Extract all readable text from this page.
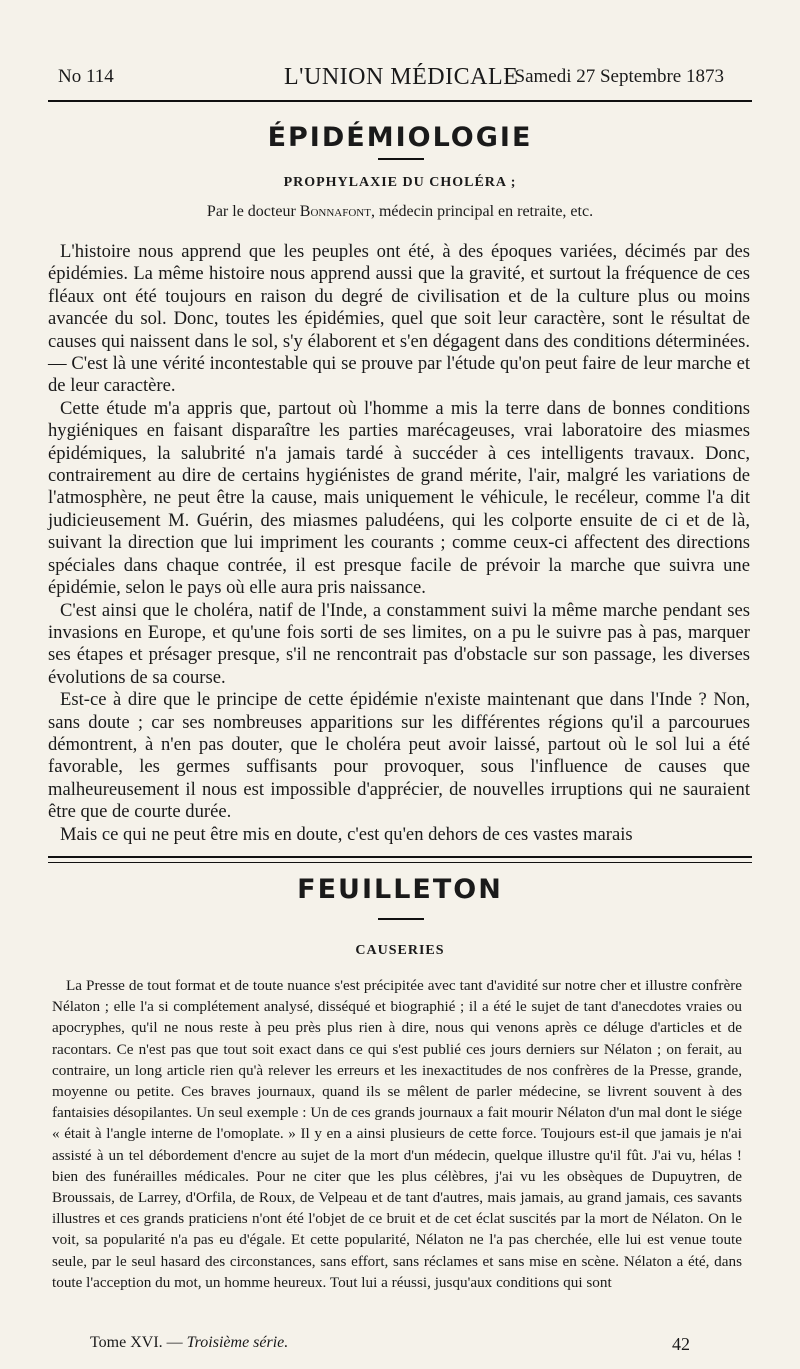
No 114	L'UNION MÉDICALE
Samedi 27 Septembre 1873
ÉPIDÉMIOLOGIE
PROPHYLAXIE DU CHOLÉRA ;
Par le docteur Bonnafont, médecin principal en retraite, etc.

L'histoire nous apprend que les peuples ont été, à des époques variées, décimés par des épidémies. La même histoire nous apprend aussi que la gravité, et surtout la fréquence de ces fléaux ont été toujours en raison du degré de civilisation et de la culture plus ou moins avancée du sol. Donc, toutes les épidémies, quel que soit leur caractère, sont le résultat de causes qui naissent dans le sol, s'y élaborent et s'en dégagent dans des conditions déterminées. — C'est là une vérité incontestable qui se prouve par l'étude qu'on peut faire de leur marche et de leur caractère.

Cette étude m'a appris que, partout où l'homme a mis la terre dans de bonnes conditions hygiéniques en faisant disparaître les parties marécageuses, vrai laboratoire des miasmes épidémiques, la salubrité n'a jamais tardé à succéder à ces intelligents travaux. Donc, contrairement au dire de certains hygiénistes de grand mérite, l'air, malgré les variations de l'atmosphère, ne peut être la cause, mais uniquement le véhicule, le recéleur, comme l'a dit judicieusement M. Guérin, des miasmes paludéens, qui les colporte ensuite de ci et de là, suivant la direction que lui impriment les courants ; comme ceux-ci affectent des directions spéciales dans chaque contrée, il est presque facile de prévoir la marche que suivra une épidémie, selon le pays où elle aura pris naissance.

C'est ainsi que le choléra, natif de l'Inde, a constamment suivi la même marche pendant ses invasions en Europe, et qu'une fois sorti de ses limites, on a pu le suivre pas à pas, marquer ses étapes et présager presque, s'il ne rencontrait pas d'obstacle sur son passage, les diverses évolutions de sa course.

Est-ce à dire que le principe de cette épidémie n'existe maintenant que dans l'Inde ? Non, sans doute ; car ses nombreuses apparitions sur les différentes régions qu'il a parcourues démontrent, à n'en pas douter, que le choléra peut avoir laissé, partout où le sol lui a été favorable, les germes suffisants pour provoquer, sous l'influence de causes que malheureusement il nous est impossible d'apprécier, de nouvelles irruptions qui ne sauraient être que de courte durée.

Mais ce qui ne peut être mis en doute, c'est qu'en dehors de ces vastes marais

FEUILLETON
CAUSERIES

La Presse de tout format et de toute nuance s'est précipitée avec tant d'avidité sur notre cher et illustre confrère Nélaton ; elle l'a si complétement analysé, disséqué et biographié ; il a été le sujet de tant d'anecdotes vraies ou apocryphes, qu'il ne nous reste à peu près plus rien à dire, nous qui venons après ce déluge d'articles et de racontars. Ce n'est pas que tout soit exact dans ce qui s'est publié ces jours derniers sur Nélaton ; on ferait, au contraire, un long article rien qu'à relever les erreurs et les inexactitudes de nos confrères de la Presse, grande, moyenne ou petite. Ces braves journaux, quand ils se mêlent de parler médecine, se livrent souvent à des fantaisies désopilantes. Un seul exemple : Un de ces grands journaux a fait mourir Nélaton d'un mal dont le siége « était à l'angle interne de l'omoplate. » Il y en a ainsi plusieurs de cette force. Toujours est-il que jamais je n'ai assisté à un tel débordement d'encre au sujet de la mort d'un médecin, quelque illustre qu'il fût. J'ai vu, hélas ! bien des funérailles médicales. Pour ne citer que les plus célèbres, j'ai vu les obsèques de Dupuytren, de Broussais, de Larrey, d'Orfila, de Roux, de Velpeau et de tant d'autres, mais jamais, au grand jamais, ces savants illustres et ces grands praticiens n'ont été l'objet de ce bruit et de cet éclat suscités par la mort de Nélaton. On le voit, sa popularité n'a pas eu d'égale. Et cette popularité, Nélaton ne l'a pas cherchée, elle lui est venue toute seule, par le seul hasard des circonstances, sans effort, sans réclames et sans mise en scène. Nélaton a été, dans toute l'acception du mot, un homme heureux. Tout lui a réussi, jusqu'aux conditions qui sont

Tome XVI. — Troisième série.	42
